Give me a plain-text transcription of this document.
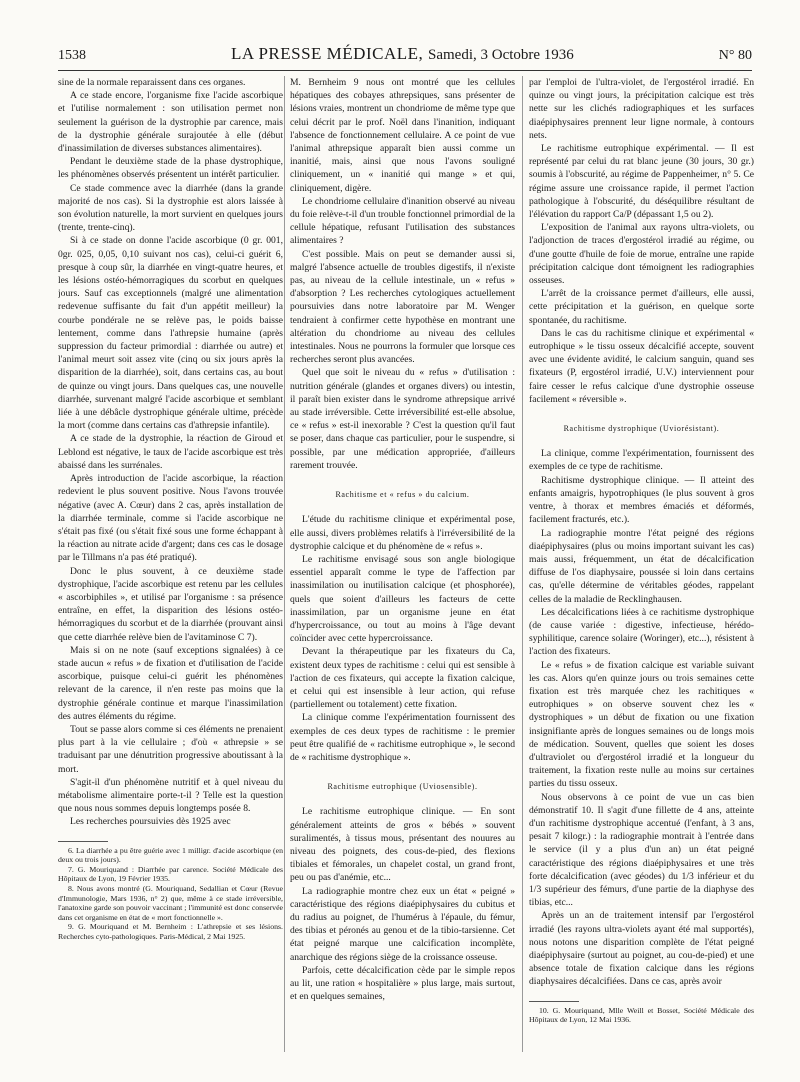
1538	LA PRESSE MÉDICALE, Samedi, 3 Octobre 1936	N° 80

sine de la normale reparaissent dans ces organes.

A ce stade encore, l'organisme fixe l'acide ascorbique et l'utilise normalement : son utilisation permet non seulement la guérison de la dystrophie par carence, mais de la dystrophie générale surajoutée à elle (début d'inassimilation de diverses substances alimentaires).

Pendant le deuxième stade de la phase dystrophique, les phénomènes observés présentent un intérêt particulier.

Ce stade commence avec la diarrhée (dans la grande majorité de nos cas). Si la dystrophie est alors laissée à son évolution naturelle, la mort survient en quelques jours (trente, trente-cinq).

Si à ce stade on donne l'acide ascorbique (0 gr. 001, 0gr. 025, 0,05, 0,10 suivant nos cas), celui-ci guérit 6, presque à coup sûr, la diarrhée en vingt-quatre heures, et les lésions ostéo-hémorragiques du scorbut en quelques jours. Sauf cas exceptionnels (malgré une alimentation redevenue suffisante du fait d'un appétit meilleur) la courbe pondérale ne se relève pas, le poids baisse lentement, comme dans l'athrepsie humaine (après suppression du facteur primordial : diarrhée ou autre) et l'animal meurt soit assez vite (cinq ou six jours après la disparition de la diarrhée), soit, dans certains cas, au bout de quinze ou vingt jours. Dans quelques cas, une nouvelle diarrhée, survenant malgré l'acide ascorbique et semblant liée à une débâcle dystrophique générale ultime, précède la mort (comme dans certains cas d'athrepsie infantile).

A ce stade de la dystrophie, la réaction de Giroud et Leblond est négative, le taux de l'acide ascorbique est très abaissé dans les surrénales.

Après introduction de l'acide ascorbique, la réaction redevient le plus souvent positive. Nous l'avons trouvée négative (avec A. Cœur) dans 2 cas, après installation de la diarrhée terminale, comme si l'acide ascorbique ne s'était pas fixé (ou s'était fixé sous une forme échappant à la réaction au nitrate acide d'argent; dans ces cas le dosage par le Tillmans n'a pas été pratiqué).

Donc le plus souvent, à ce deuxième stade dystrophique, l'acide ascorbique est retenu par les cellules « ascorbiphiles », et utilisé par l'organisme : sa présence entraîne, en effet, la disparition des lésions ostéo-hémorragiques du scorbut et de la diarrhée (prouvant ainsi que cette diarrhée relève bien de l'avitaminose C 7).

Mais si on ne note (sauf exceptions signalées) à ce stade aucun « refus » de fixation et d'utilisation de l'acide ascorbique, puisque celui-ci guérit les phénomènes relevant de la carence, il n'en reste pas moins que la dystrophie générale continue et marque l'inassimilation des autres éléments du régime.

Tout se passe alors comme si ces éléments ne prenaient plus part à la vie cellulaire ; d'où « athrepsie » se traduisant par une dénutrition progressive aboutissant à la mort.

S'agit-il d'un phénomène nutritif et à quel niveau du métabolisme alimentaire porte-t-il ? Telle est la question que nous nous sommes depuis longtemps posée 8.

Les recherches poursuivies dès 1925 avec

6. La diarrhée a pu être guérie avec 1 milligr. d'acide ascorbique (en deux ou trois jours).

7. G. Mouriquand : Diarrhée par carence. Société Médicale des Hôpitaux de Lyon, 19 Février 1935.

8. Nous avons montré (G. Mouriquand, Sedallian et Cœur (Revue d'Immunologie, Mars 1936, n° 2) que, même à ce stade irréversible, l'anatoxine garde son pouvoir vaccinant ; l'immunité est donc conservée dans cet organisme en état de « mort fonctionnelle ».

9. G. Mouriquand et M. Bernheim : L'athrepsie et ses lésions. Recherches cyto-pathologiques. Paris-Médical, 2 Mai 1925.

M. Bernheim 9 nous ont montré que les cellules hépatiques des cobayes athrepsiques, sans présenter de lésions vraies, montrent un chondriome de même type que celui décrit par le prof. Noël dans l'inanition, indiquant l'absence de fonctionnement cellulaire. A ce point de vue l'animal athrepsique apparaît bien aussi comme un inanitié, mais, ainsi que nous l'avons souligné cliniquement, un « inanitié qui mange » et qui, cliniquement, digère.

Le chondriome cellulaire d'inanition observé au niveau du foie relève-t-il d'un trouble fonctionnel primordial de la cellule hépatique, refusant l'utilisation des substances alimentaires ?

C'est possible. Mais on peut se demander aussi si, malgré l'absence actuelle de troubles digestifs, il n'existe pas, au niveau de la cellule intestinale, un « refus » d'absorption ? Les recherches cytologiques actuellement poursuivies dans notre laboratoire par M. Wenger tendraient à confirmer cette hypothèse en montrant une altération du chondriome au niveau des cellules intestinales. Nous ne pourrons la formuler que lorsque ces recherches seront plus avancées.

Quel que soit le niveau du « refus » d'utilisation : nutrition générale (glandes et organes divers) ou intestin, il paraît bien exister dans le syndrome athrepsique arrivé au stade irréversible. Cette irréversibilité est-elle absolue, ce « refus » est-il inexorable ? C'est la question qu'il faut se poser, dans chaque cas particulier, pour le suspendre, si possible, par une médication appropriée, d'ailleurs rarement trouvée.

Rachitisme et « refus » du calcium.

L'étude du rachitisme clinique et expérimental pose, elle aussi, divers problèmes relatifs à l'irréversibilité de la dystrophie calcique et du phénomène de « refus ».

Le rachitisme envisagé sous son angle biologique essentiel apparaît comme le type de l'affection par inassimilation ou inutilisation calcique (et phosphorée), quels que soient d'ailleurs les facteurs de cette inassimilation, par un organisme jeune en état d'hypercroissance, ou tout au moins à l'âge devant coïncider avec cette hypercroissance.

Devant la thérapeutique par les fixateurs du Ca, existent deux types de rachitisme : celui qui est sensible à l'action de ces fixateurs, qui accepte la fixation calcique, et celui qui est insensible à leur action, qui refuse (partiellement ou totalement) cette fixation.

La clinique comme l'expérimentation fournissent des exemples de ces deux types de rachitisme : le premier peut être qualifié de « rachitisme eutrophique », le second de « rachitisme dystrophique ».

Rachitisme eutrophique (Uviosensible).

Le rachitisme eutrophique clinique. — En sont généralement atteints de gros « bébés » souvent suralimentés, à tissus mous, présentant des nouures au niveau des poignets, des cous-de-pied, des flexions tibiales et fémorales, un chapelet costal, un grand front, peu ou pas d'anémie, etc...

La radiographie montre chez eux un état « peigné » caractéristique des régions diaépiphysaires du cubitus et du radius au poignet, de l'humérus à l'épaule, du fémur, des tibias et péronés au genou et de la tibio-tarsienne. Cet état peigné marque une calcification incomplète, anarchique des régions siège de la croissance osseuse.

Parfois, cette décalcification cède par le simple repos au lit, une ration « hospitalière » plus large, mais surtout, et en quelques semaines,

par l'emploi de l'ultra-violet, de l'ergostérol irradié. En quinze ou vingt jours, la précipitation calcique est très nette sur les clichés radiographiques et les surfaces diaépiphysaires prennent leur ligne normale, à contours nets.

Le rachitisme eutrophique expérimental. — Il est représenté par celui du rat blanc jeune (30 jours, 30 gr.) soumis à l'obscurité, au régime de Pappenheimer, n° 5. Ce régime assure une croissance rapide, il permet l'action pathologique à l'obscurité, du déséquilibre résultant de l'élévation du rapport Ca/P (dépassant 1,5 ou 2).

L'exposition de l'animal aux rayons ultra-violets, ou l'adjonction de traces d'ergostérol irradié au régime, ou d'une goutte d'huile de foie de morue, entraîne une rapide précipitation calcique dont témoignent les radiographies osseuses.

L'arrêt de la croissance permet d'ailleurs, elle aussi, cette précipitation et la guérison, en quelque sorte spontanée, du rachitisme.

Dans le cas du rachitisme clinique et expérimental « eutrophique » le tissu osseux décalcifié accepte, souvent avec une évidente avidité, le calcium sanguin, quand ses fixateurs (P, ergostérol irradié, U.V.) interviennent pour faire cesser le refus calcique d'une dystrophie osseuse facilement « réversible ».

Rachitisme dystrophique (Uviorésistant).

La clinique, comme l'expérimentation, fournissent des exemples de ce type de rachitisme.

Rachitisme dystrophique clinique. — Il atteint des enfants amaigris, hypotrophiques (le plus souvent à gros ventre, à thorax et membres émaciés et déformés, facilement fracturés, etc.).

La radiographie montre l'état peigné des régions diaépiphysaires (plus ou moins important suivant les cas) mais aussi, fréquemment, un état de décalcification diffuse de l'os diaphysaire, poussée si loin dans certains cas, qu'elle détermine de véritables géodes, rappelant celles de la maladie de Recklinghausen.

Les décalcifications liées à ce rachitisme dystrophique (de cause variée : digestive, infectieuse, hérédo-syphilitique, carence solaire (Woringer), etc...), résistent à l'action des fixateurs.

Le « refus » de fixation calcique est variable suivant les cas. Alors qu'en quinze jours ou trois semaines cette fixation est très marquée chez les rachitiques « eutrophiques » on observe souvent chez les « dystrophiques » un début de fixation ou une fixation insignifiante après de longues semaines ou de longs mois de médication. Souvent, quelles que soient les doses d'ultraviolet ou d'ergostérol irradié et la longueur du traitement, la fixation reste nulle au moins sur certaines parties du tissu osseux.

Nous observons à ce point de vue un cas bien démonstratif 10. Il s'agit d'une fillette de 4 ans, atteinte d'un rachitisme dystrophique accentué (l'enfant, à 3 ans, pesait 7 kilogr.) : la radiographie montrait à l'entrée dans le service (il y a plus d'un an) un état peigné caractéristique des régions diaépiphysaires et une très forte décalcification (avec géodes) du 1/3 inférieur et du 1/3 supérieur des fémurs, d'une partie de la diaphyse des tibias, etc...

Après un an de traitement intensif par l'ergostérol irradié (les rayons ultra-violets ayant été mal supportés), nous notons une disparition complète de l'état peigné diaépiphysaire (surtout au poignet, au cou-de-pied) et une absence totale de fixation calcique dans les régions diaphysaires décalcifiées. Dans ce cas, après avoir

10. G. Mouriquand, Mlle Weill et Bosset, Société Médicale des Hôpitaux de Lyon, 12 Mai 1936.
